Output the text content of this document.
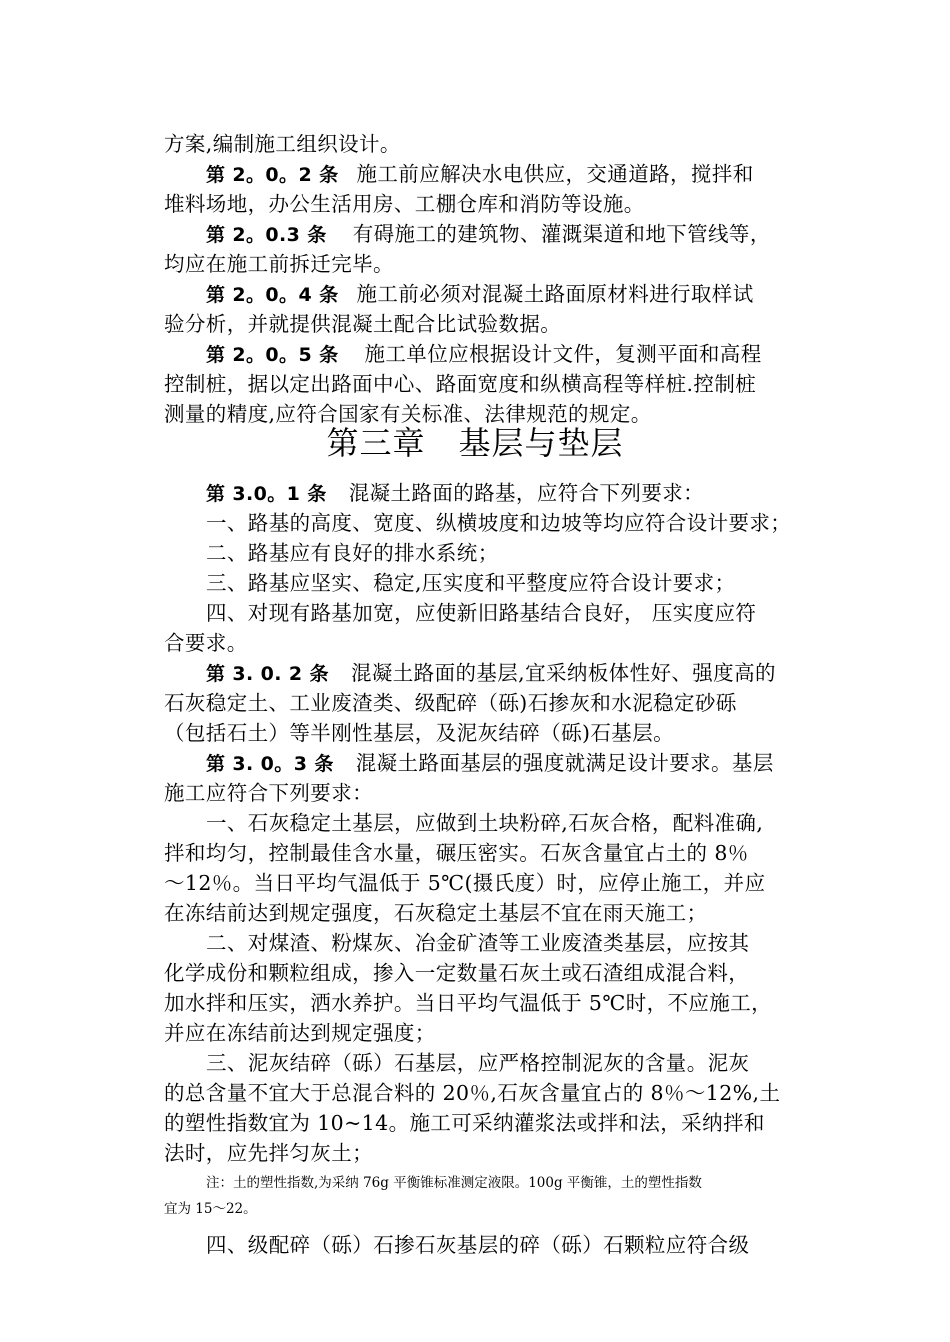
方案,编制施工组织设计。
第 2。0。2 条 施工前应解决水电供应，交通道路，搅拌和
堆料场地，办公生活用房、工棚仓库和消防等设施。
第 2。0.3 条 有碍施工的建筑物、灌溉渠道和地下管线等，
均应在施工前拆迁完毕。
第 2。0。4 条 施工前必须对混凝土路面原材料进行取样试
验分析，并就提供混凝土配合比试验数据。
第 2。0。5 条 施工单位应根据设计文件，复测平面和高程
控制桩，据以定出路面中心、路面宽度和纵横高程等样桩.控制桩
测量的精度,应符合国家有关标准、法律规范的规定。
第三章　基层与垫层
第 3.0。1 条 混凝土路面的路基，应符合下列要求：
一、路基的高度、宽度、纵横坡度和边坡等均应符合设计要求；
二、路基应有良好的排水系统；
三、路基应坚实、稳定,压实度和平整度应符合设计要求；
四、对现有路基加宽，应使新旧路基结合良好， 压实度应符
合要求。
第 3. 0. 2 条 混凝土路面的基层,宜采纳板体性好、强度高的
石灰稳定土、工业废渣类、级配碎（砾)石掺灰和水泥稳定砂砾
（包括石土）等半刚性基层，及泥灰结碎（砾)石基层。
第 3. 0。3 条 混凝土路面基层的强度就满足设计要求。基层
施工应符合下列要求：
一、石灰稳定土基层，应做到土块粉碎,石灰合格，配料准确,
拌和均匀，控制最佳含水量，碾压密实。石灰含量宜占土的 8％
～12％。当日平均气温低于 5℃(摄氏度）时，应停止施工，并应
在冻结前达到规定强度，石灰稳定土基层不宜在雨天施工；
二、对煤渣、粉煤灰、冶金矿渣等工业废渣类基层，应按其
化学成份和颗粒组成，掺入一定数量石灰土或石渣组成混合料，
加水拌和压实，洒水养护。当日平均气温低于 5℃时，不应施工，
并应在冻结前达到规定强度；
三、泥灰结碎（砾）石基层，应严格控制泥灰的含量。泥灰
的总含量不宜大于总混合料的 20％,石灰含量宜占的 8％～12%,土
的塑性指数宜为 10~14。施工可采纳灌浆法或拌和法，采纳拌和
法时，应先拌匀灰土；
注：土的塑性指数,为采纳 76g 平衡锥标准测定液限。100g 平衡锥，土的塑性指数
宜为 15～22。
四、级配碎（砾）石掺石灰基层的碎（砾）石颗粒应符合级
